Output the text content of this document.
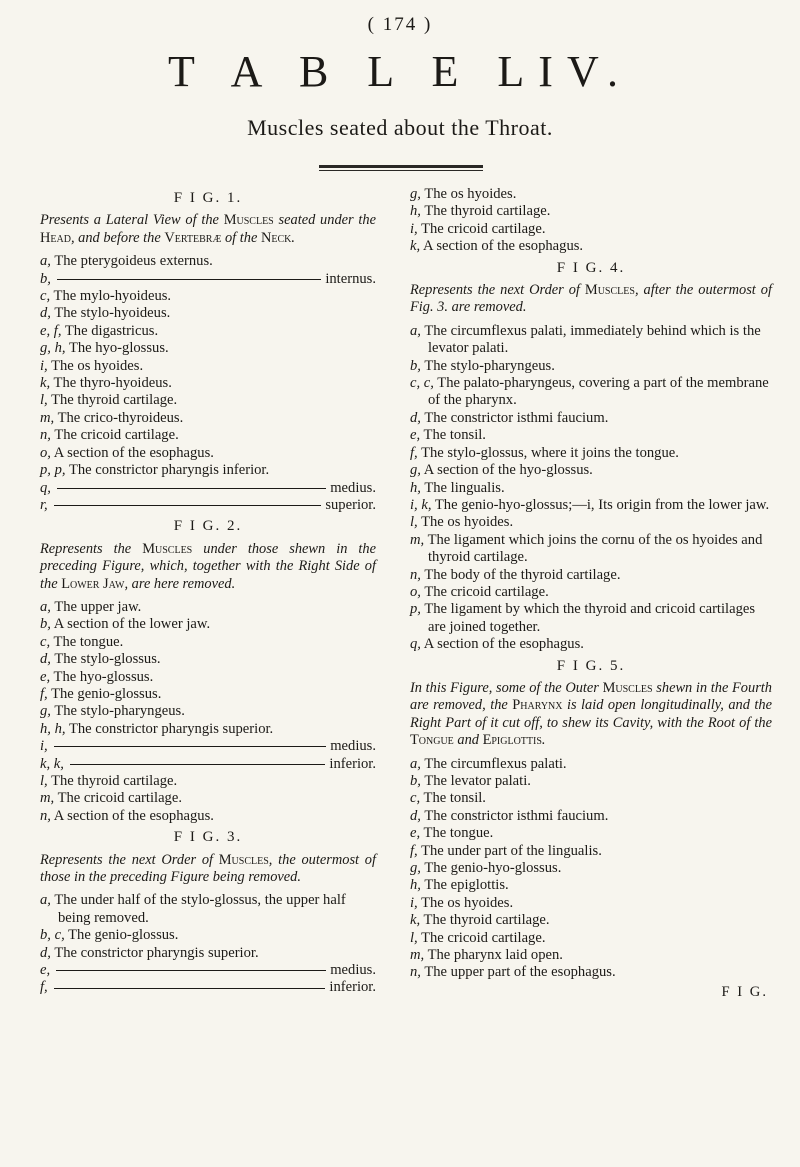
( 174 )
T A B L E LIV.
Muscles seated about the Throat.
F I G. 1.

Presents a Lateral View of the Muscles seated under the Head, and before the Vertebræ of the Neck.

a, The pterygoideus externus.
b,	internus.
c, The mylo-hyoideus.
d, The stylo-hyoideus.
e, f, The digastricus.
g, h, The hyo-glossus.
i, The os hyoides.
k, The thyro-hyoideus.
l, The thyroid cartilage.
m, The crico-thyroideus.
n, The cricoid cartilage.
o, A section of the esophagus.
p, p, The constrictor pharyngis inferior.
q,	medius.
r,	superior.
F I G. 2.

Represents the Muscles under those shewn in the preceding Figure, which, together with the Right Side of the Lower Jaw, are here removed.

a, The upper jaw.
b, A section of the lower jaw.
c, The tongue.
d, The stylo-glossus.
e, The hyo-glossus.
f, The genio-glossus.
g, The stylo-pharyngeus.
h, h, The constrictor pharyngis superior.
i,	medius.
k, k,	inferior.
l, The thyroid cartilage.
m, The cricoid cartilage.
n, A section of the esophagus.
F I G. 3.

Represents the next Order of Muscles, the outermost of those in the preceding Figure being removed.

a, The under half of the stylo-glossus, the upper half being removed.
b, c, The genio-glossus.
d, The constrictor pharyngis superior.
e,	medius.
f,	inferior.
g, The os hyoides.
h, The thyroid cartilage.
i, The cricoid cartilage.
k, A section of the esophagus.
F I G. 4.

Represents the next Order of Muscles, after the outermost of Fig. 3. are removed.

a, The circumflexus palati, immediately behind which is the levator palati.
b, The stylo-pharyngeus.
c, c, The palato-pharyngeus, covering a part of the membrane of the pharynx.
d, The constrictor isthmi faucium.
e, The tonsil.
f, The stylo-glossus, where it joins the tongue.
g, A section of the hyo-glossus.
h, The lingualis.
i, k, The genio-hyo-glossus;—i, Its origin from the lower jaw.
l, The os hyoides.
m, The ligament which joins the cornu of the os hyoides and thyroid cartilage.
n, The body of the thyroid cartilage.
o, The cricoid cartilage.
p, The ligament by which the thyroid and cricoid cartilages are joined together.
q, A section of the esophagus.
F I G. 5.

In this Figure, some of the Outer Muscles shewn in the Fourth are removed, the Pharynx is laid open longitudinally, and the Right Part of it cut off, to shew its Cavity, with the Root of the Tongue and Epiglottis.

a, The circumflexus palati.
b, The levator palati.
c, The tonsil.
d, The constrictor isthmi faucium.
e, The tongue.
f, The under part of the lingualis.
g, The genio-hyo-glossus.
h, The epiglottis.
i, The os hyoides.
k, The thyroid cartilage.
l, The cricoid cartilage.
m, The pharynx laid open.
n, The upper part of the esophagus.
F I G.
